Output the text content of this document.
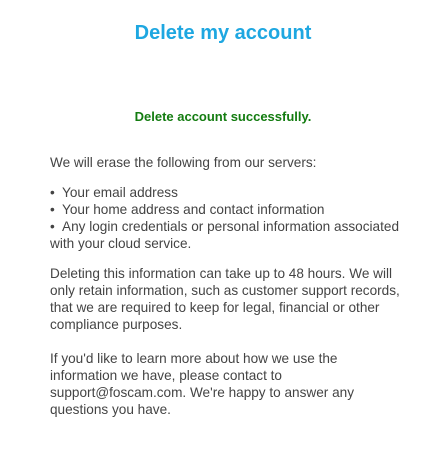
Delete my account
Delete account successfully.

We will erase the following from our servers:

• Your email address
• Your home address and contact information
• Any login credentials or personal information associated with your cloud service.

Deleting this information can take up to 48 hours. We will only retain information, such as customer support records, that we are required to keep for legal, financial or other compliance purposes.

If you'd like to learn more about how we use the information we have, please contact to support@foscam.com. We're happy to answer any questions you have.
